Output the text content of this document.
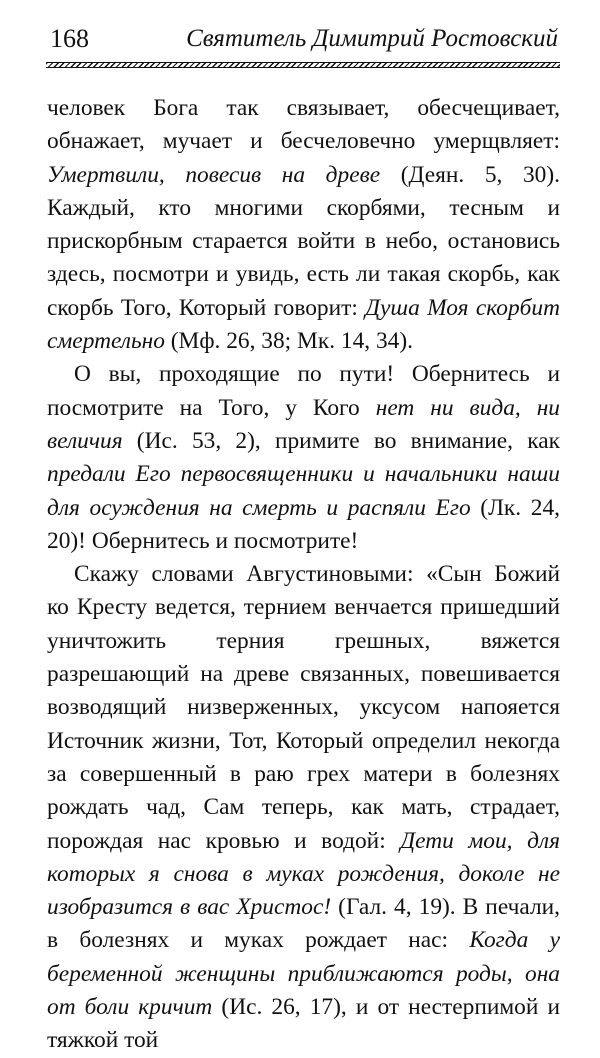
168	Святитель Димитрий Ростовский

человек Бога так связывает, обесчещивает, обнажает, мучает и бесчеловечно умерщвляет: Умертвили, повесив на древе (Деян. 5, 30). Каждый, кто многими скорбями, тесным и прискорбным старается войти в небо, остановись здесь, посмотри и увидь, есть ли такая скорбь, как скорбь Того, Который говорит: Душа Моя скорбит смертельно (Мф. 26, 38; Мк. 14, 34).

О вы, проходящие по пути! Обернитесь и посмотрите на Того, у Кого нет ни вида, ни величия (Ис. 53, 2), примите во внимание, как предали Его первосвященники и начальники наши для осуждения на смерть и распяли Его (Лк. 24, 20)! Обернитесь и посмотрите!

Скажу словами Августиновыми: «Сын Божий ко Кресту ведется, тернием венчается пришедший уничтожить терния грешных, вяжется разрешающий на древе связанных, повешивается возводящий низверженных, уксусом напояется Источник жизни, Тот, Который определил некогда за совершенный в раю грех матери в болезнях рождать чад, Сам теперь, как мать, страдает, порождая нас кровью и водой: Дети мои, для которых я снова в муках рождения, доколе не изобразится в вас Христос! (Гал. 4, 19). В печали, в болезнях и муках рождает нас: Когда у беременной женщины приближаются роды, она от боли кричит (Ис. 26, 17), и от нестерпимой и тяжкой той
